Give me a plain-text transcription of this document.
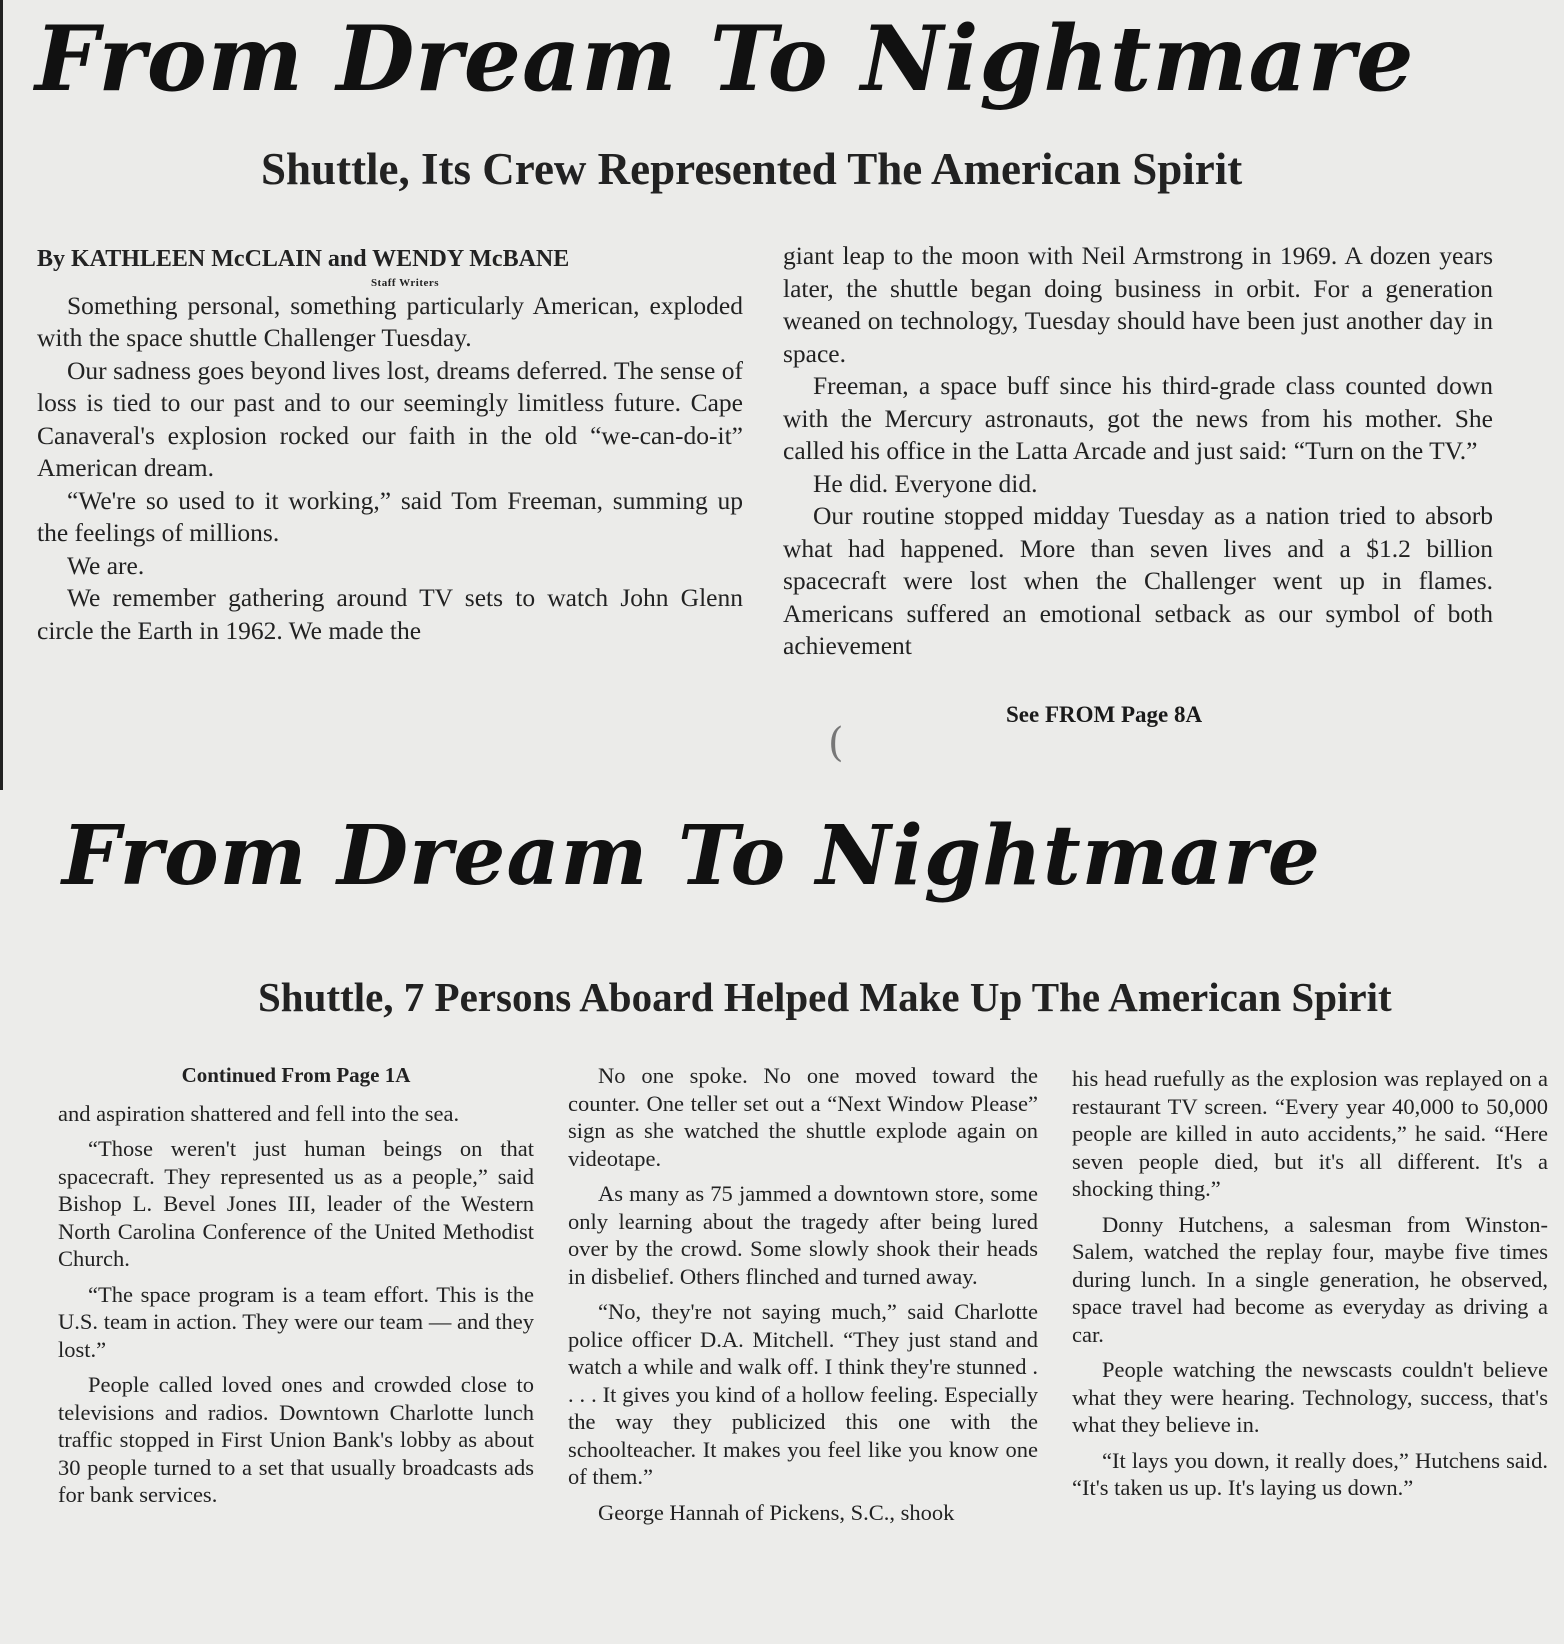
From Dream To Nightmare
Shuttle, Its Crew Represented The American Spirit

By KATHLEEN McCLAIN and WENDY McBANE

Staff Writers

Something personal, something particularly American, exploded with the space shuttle Challenger Tuesday.

Our sadness goes beyond lives lost, dreams deferred. The sense of loss is tied to our past and to our seemingly limitless future. Cape Canaveral's explosion rocked our faith in the old “we-can-do-it” American dream.

“We're so used to it working,” said Tom Freeman, summing up the feelings of millions.

We are.

We remember gathering around TV sets to watch John Glenn circle the Earth in 1962. We made the

giant leap to the moon with Neil Armstrong in 1969. A dozen years later, the shuttle began doing business in orbit. For a generation weaned on technology, Tuesday should have been just another day in space.

Freeman, a space buff since his third-grade class counted down with the Mercury astronauts, got the news from his mother. She called his office in the Latta Arcade and just said: “Turn on the TV.”

He did. Everyone did.

Our routine stopped midday Tuesday as a nation tried to absorb what had happened. More than seven lives and a $1.2 billion spacecraft were lost when the Challenger went up in flames. Americans suffered an emotional setback as our symbol of both achievement

See FROM Page 8A
(
From Dream To Nightmare
Shuttle, 7 Persons Aboard Helped Make Up The American Spirit

Continued From Page 1A

and aspiration shattered and fell into the sea.

“Those weren't just human beings on that spacecraft. They represented us as a people,” said Bishop L. Bevel Jones III, leader of the Western North Carolina Conference of the United Methodist Church.

“The space program is a team effort. This is the U.S. team in action. They were our team — and they lost.”

People called loved ones and crowded close to televisions and radios. Downtown Charlotte lunch traffic stopped in First Union Bank's lobby as about 30 people turned to a set that usually broadcasts ads for bank services.

No one spoke. No one moved toward the counter. One teller set out a “Next Window Please” sign as she watched the shuttle explode again on videotape.

As many as 75 jammed a downtown store, some only learning about the tragedy after being lured over by the crowd. Some slowly shook their heads in disbelief. Others flinched and turned away.

“No, they're not saying much,” said Charlotte police officer D.A. Mitchell. “They just stand and watch a while and walk off. I think they're stunned . . . . It gives you kind of a hollow feeling. Especially the way they publicized this one with the schoolteacher. It makes you feel like you know one of them.”

George Hannah of Pickens, S.C., shook

his head ruefully as the explosion was replayed on a restaurant TV screen. “Every year 40,000 to 50,000 people are killed in auto accidents,” he said. “Here seven people died, but it's all different. It's a shocking thing.”

Donny Hutchens, a salesman from Winston-Salem, watched the replay four, maybe five times during lunch. In a single generation, he observed, space travel had become as everyday as driving a car.

People watching the newscasts couldn't believe what they were hearing. Technology, success, that's what they believe in.

“It lays you down, it really does,” Hutchens said. “It's taken us up. It's laying us down.”
